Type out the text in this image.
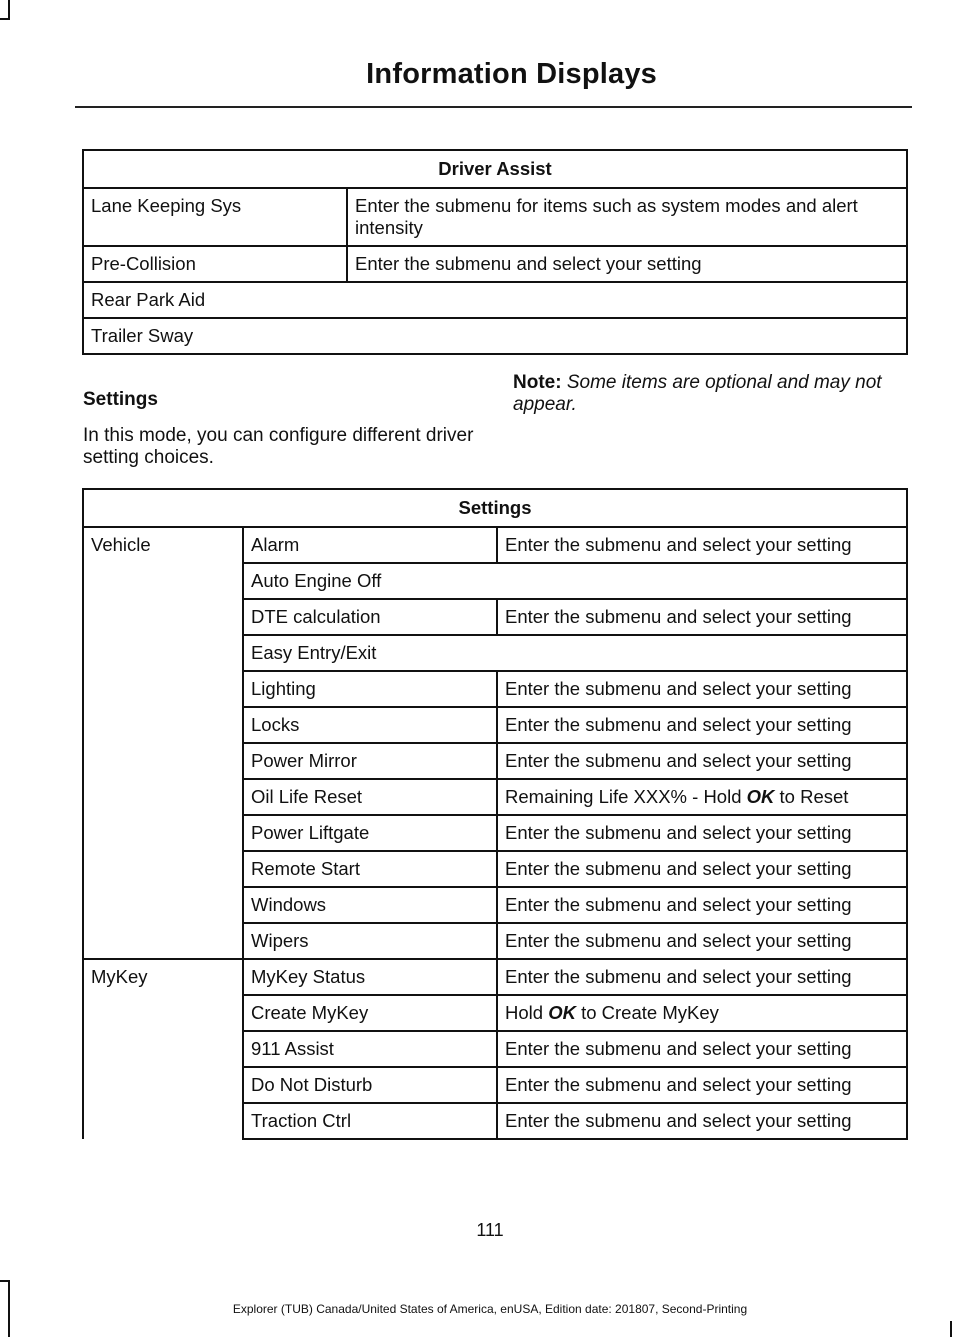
Information Displays
Driver Assist	
Lane Keeping Sys	Enter the submenu for items such as system modes and alert intensity
Pre-Collision	Enter the submenu and select your setting
Rear Park Aid	
Trailer Sway	
Settings
In this mode, you can configure different driver setting choices.
Note: Some items are optional and may not appear.
Settings		
Vehicle	Alarm	Enter the submenu and select your setting
	Auto Engine Off	
	DTE calculation	Enter the submenu and select your setting
	Easy Entry/Exit	
	Lighting	Enter the submenu and select your setting
	Locks	Enter the submenu and select your setting
	Power Mirror	Enter the submenu and select your setting
	Oil Life Reset	Remaining Life XXX% - Hold OK to Reset
	Power Liftgate	Enter the submenu and select your setting
	Remote Start	Enter the submenu and select your setting
	Windows	Enter the submenu and select your setting
	Wipers	Enter the submenu and select your setting
MyKey	MyKey Status	Enter the submenu and select your setting
	Create MyKey	Hold OK to Create MyKey
	911 Assist	Enter the submenu and select your setting
	Do Not Disturb	Enter the submenu and select your setting
	Traction Ctrl	Enter the submenu and select your setting
111
Explorer (TUB) Canada/United States of America, enUSA, Edition date: 201807, Second-Printing
